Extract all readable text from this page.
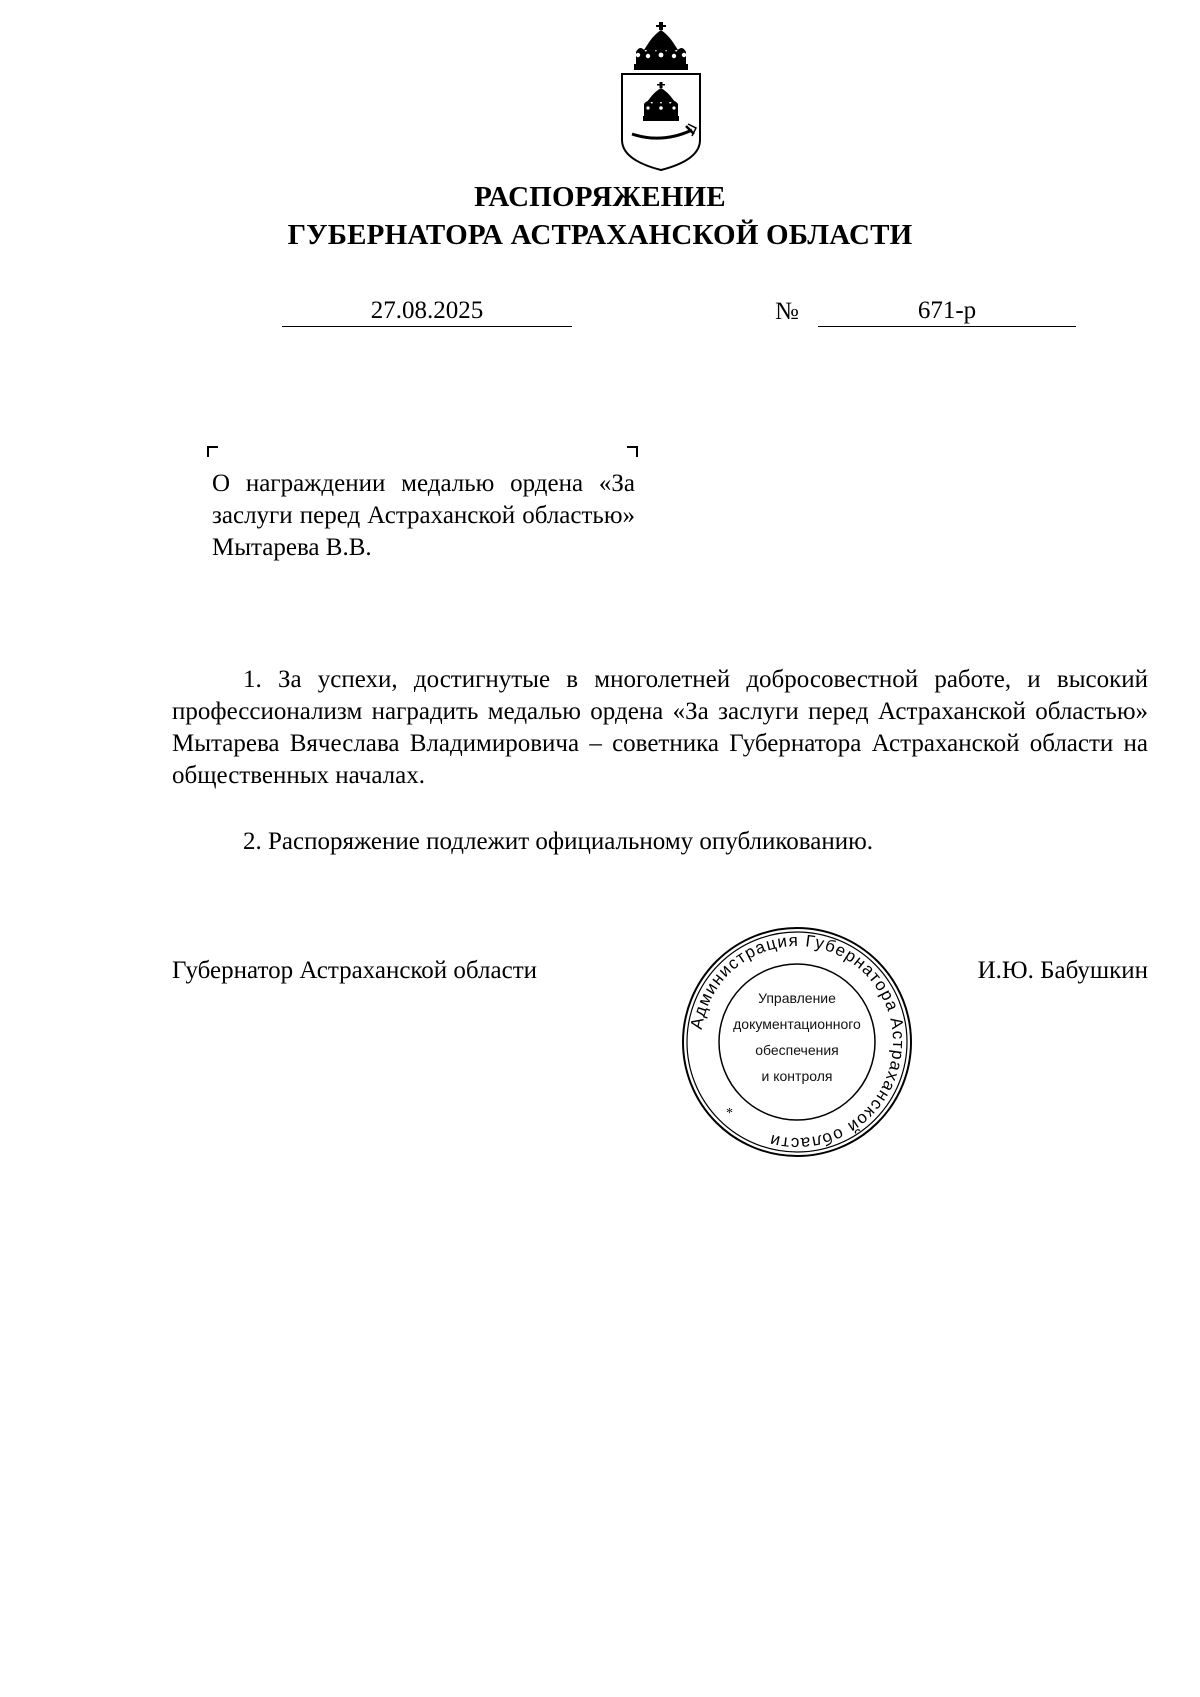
РАСПОРЯЖЕНИЕ
ГУБЕРНАТОРА АСТРАХАНСКОЙ ОБЛАСТИ
27.08.2025	№	671-р
О награждении медалью ордена «За заслуги перед Астраханской областью» Мытарева В.В.
1. За успехи, достигнутые в многолетней добросовестной работе, и высокий профессионализм наградить медалью ордена «За заслуги перед Астраханской областью» Мытарева Вячеслава Владимировича – советника Губернатора Астраханской области на общественных началах.
2. Распоряжение подлежит официальному опубликованию.
Губернатор Астраханской области	И.Ю. Бабушкин
Администрация Губернатора Астраханской области
*
Управление
документационного
обеспечения
и контроля
